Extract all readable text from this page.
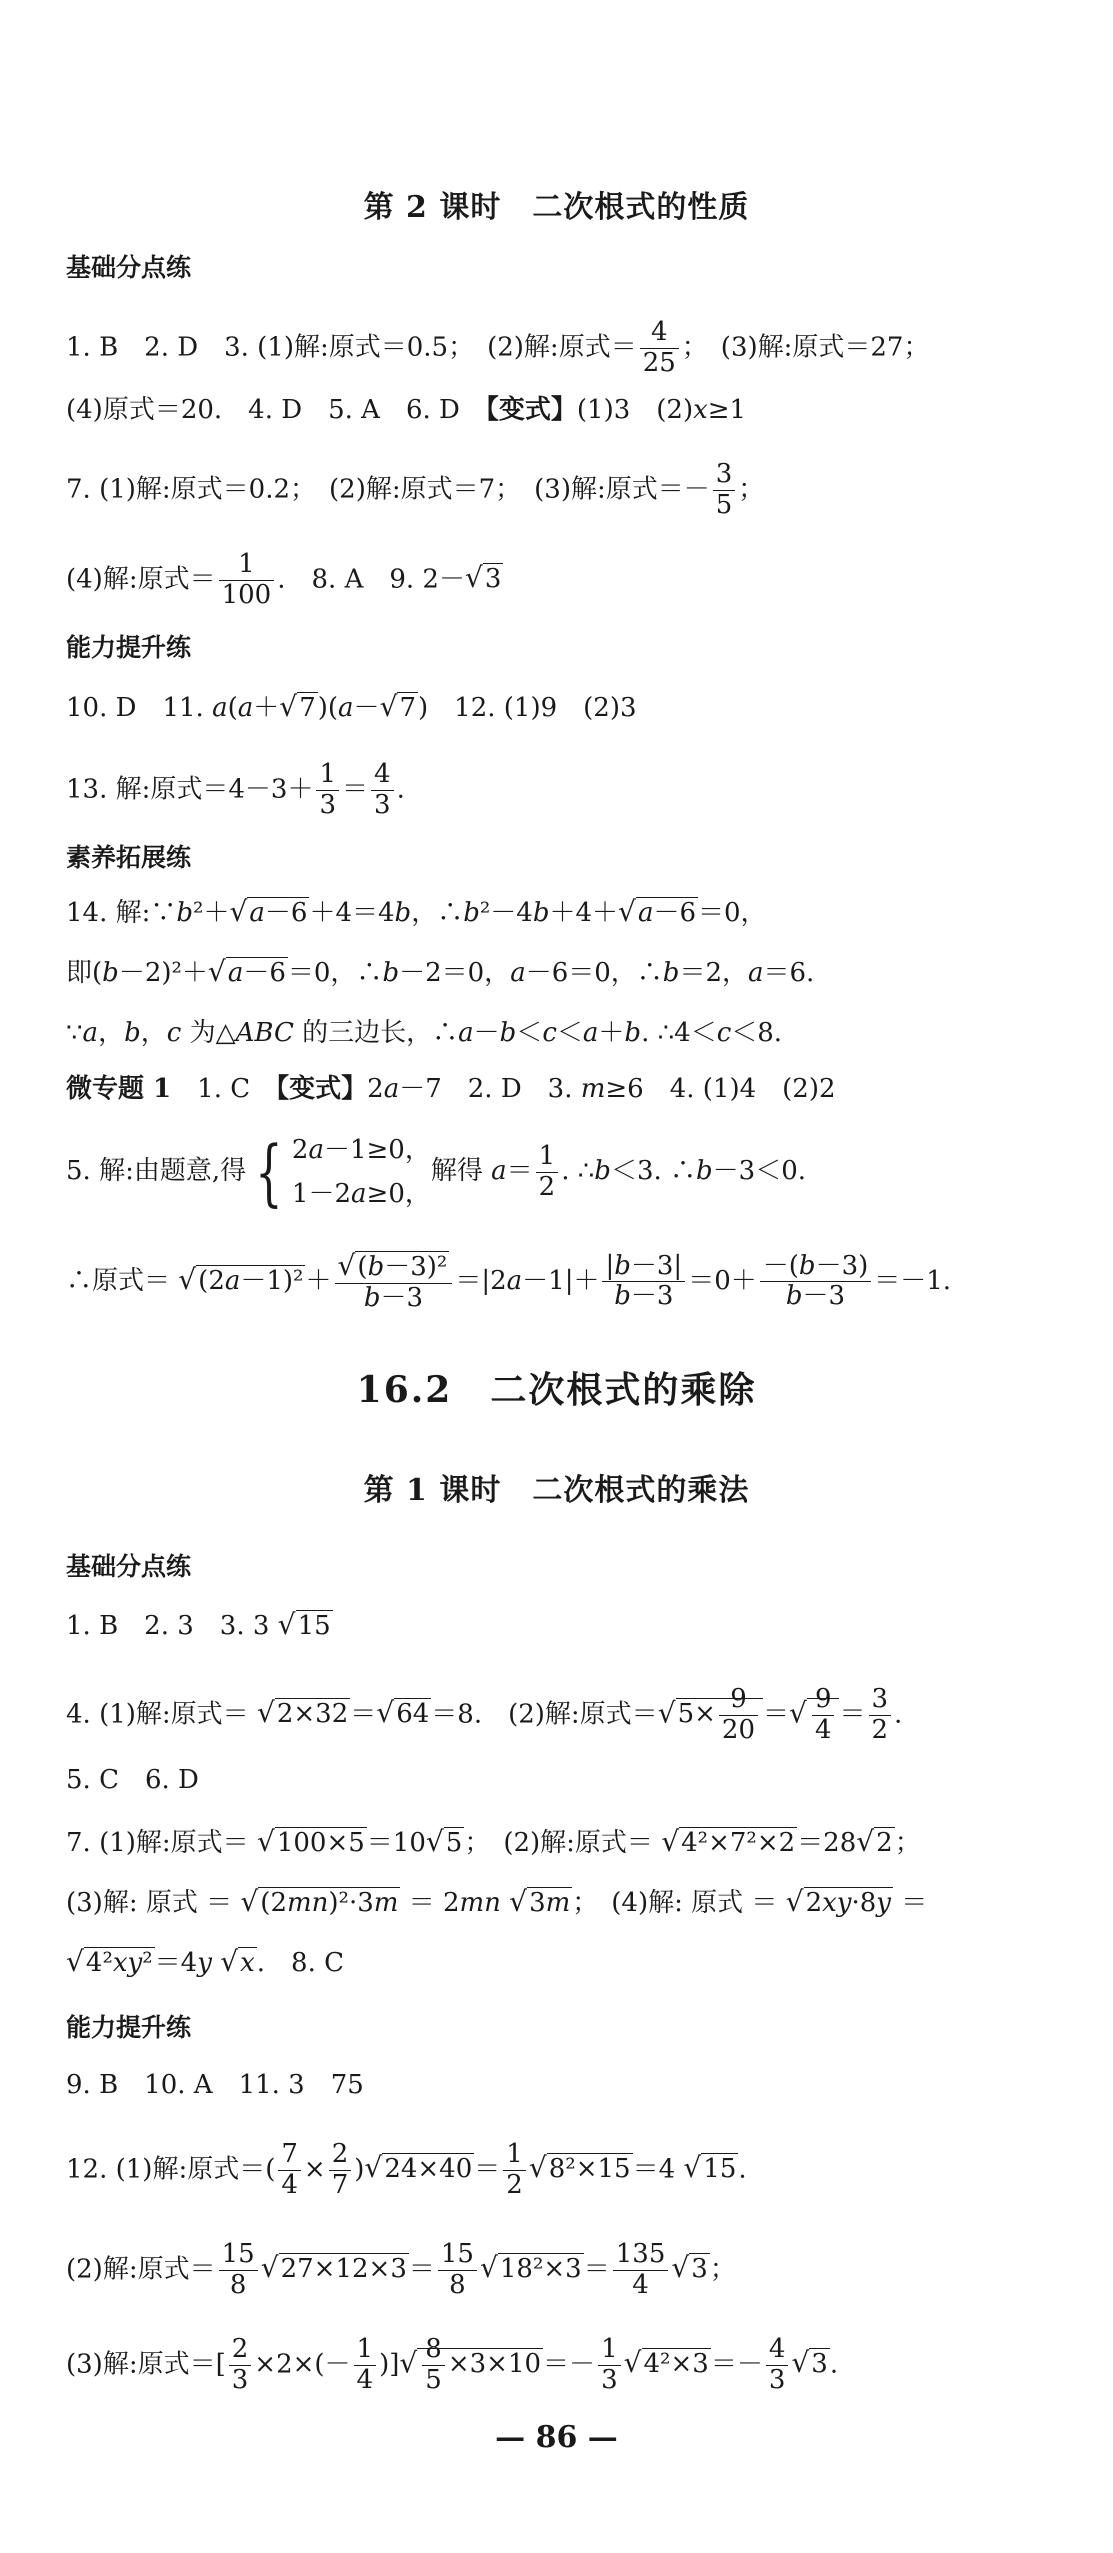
第 2 课时　二次根式的性质
基础分点练
1. B　2. D　3. (1)解:原式＝0.5；　(2)解:原式＝ $\frac{4}{25}$ ；　(3)解:原式＝27；
(4)原式＝20.　4. D　5. A　6. D　【变式】(1)3　(2)x≥1
7. (1)解:原式＝0.2；　(2)解:原式＝7；　(3)解:原式＝－ $\frac{3}{5}$ ；
(4)解:原式＝ $\frac{1}{100}$ .　8. A　9. 2－√3
能力提升练
10. D　11. a(a＋√7)(a－√7)　12. (1)9　(2)3
13. 解:原式$=4-3+ \frac{1}{3} = \frac{4}{3}$ .
素养拓展练
14. 解:∵b²＋√a－6＋4＝4b，∴b²－4b＋4＋√a－6＝0，
即(b－2)²＋√a－6＝0，∴b－2＝0，a－6＝0，∴b＝2，a＝6.
∵a，b，c 为△ABC 的三边长，∴a－b＜c＜a＋b. ∴4＜c＜8.
微专题 1　1. C　【变式】2a－7　2. D　3. m≥6　4. (1)4　(2)2
5. 解:由题意,得 { 2a－1≥0，
1－2a≥0，解得 $a= \frac{1}{2}$ . ∴b＜3. ∴b－3＜0.
∴原式＝ $√(2a-1)^2+ \frac{\text{√(b－3)²}}{b-3} =|2a-1|+ \frac{|b-3|}{b-3} =0+ \frac{-(b-3)}{b-3} =-1$.
16.2　二次根式的乘除
第 1 课时　二次根式的乘法
基础分点练
1. B　2. 3　3. 3 √15
4. (1)解:原式＝ √2×32＝√64＝8.　(2)解:原式$=√5\times \frac{9}{20}$ ＝√ $\frac{9}{4} = \frac{3}{2}$ .
5. C　6. D
7. (1)解:原式＝ √100×5＝10√5；　(2)解:原式＝ √4²×7²×2＝28√2；
(3)解: 原式 ＝ √(2mn)²·3m ＝ 2mn √3m；　(4)解: 原式 ＝ √2xy·8y ＝
√4²xy²＝4y √x.　8. C
能力提升练
9. B　10. A　11. 3　75
12. (1)解:原式＝( $\frac{7}{4} \times \frac{2}{7} )√24\times 40= \frac{1}{2} √8^2\times 15=4$ √15.
(2)解:原式＝ $\frac{15}{8} √27\times 12\times 3= \frac{15}{8} √18^2\times 3= \frac{135}{4} √3$；
(3)解:原式＝[ $\frac{2}{3} \times 2\times(- \frac{1}{4}$ )]√ $\frac{8}{5} \times 3\times 10=- \frac{1}{3} √4^2\times 3=- \frac{4}{3} √3$.
— 86 —
